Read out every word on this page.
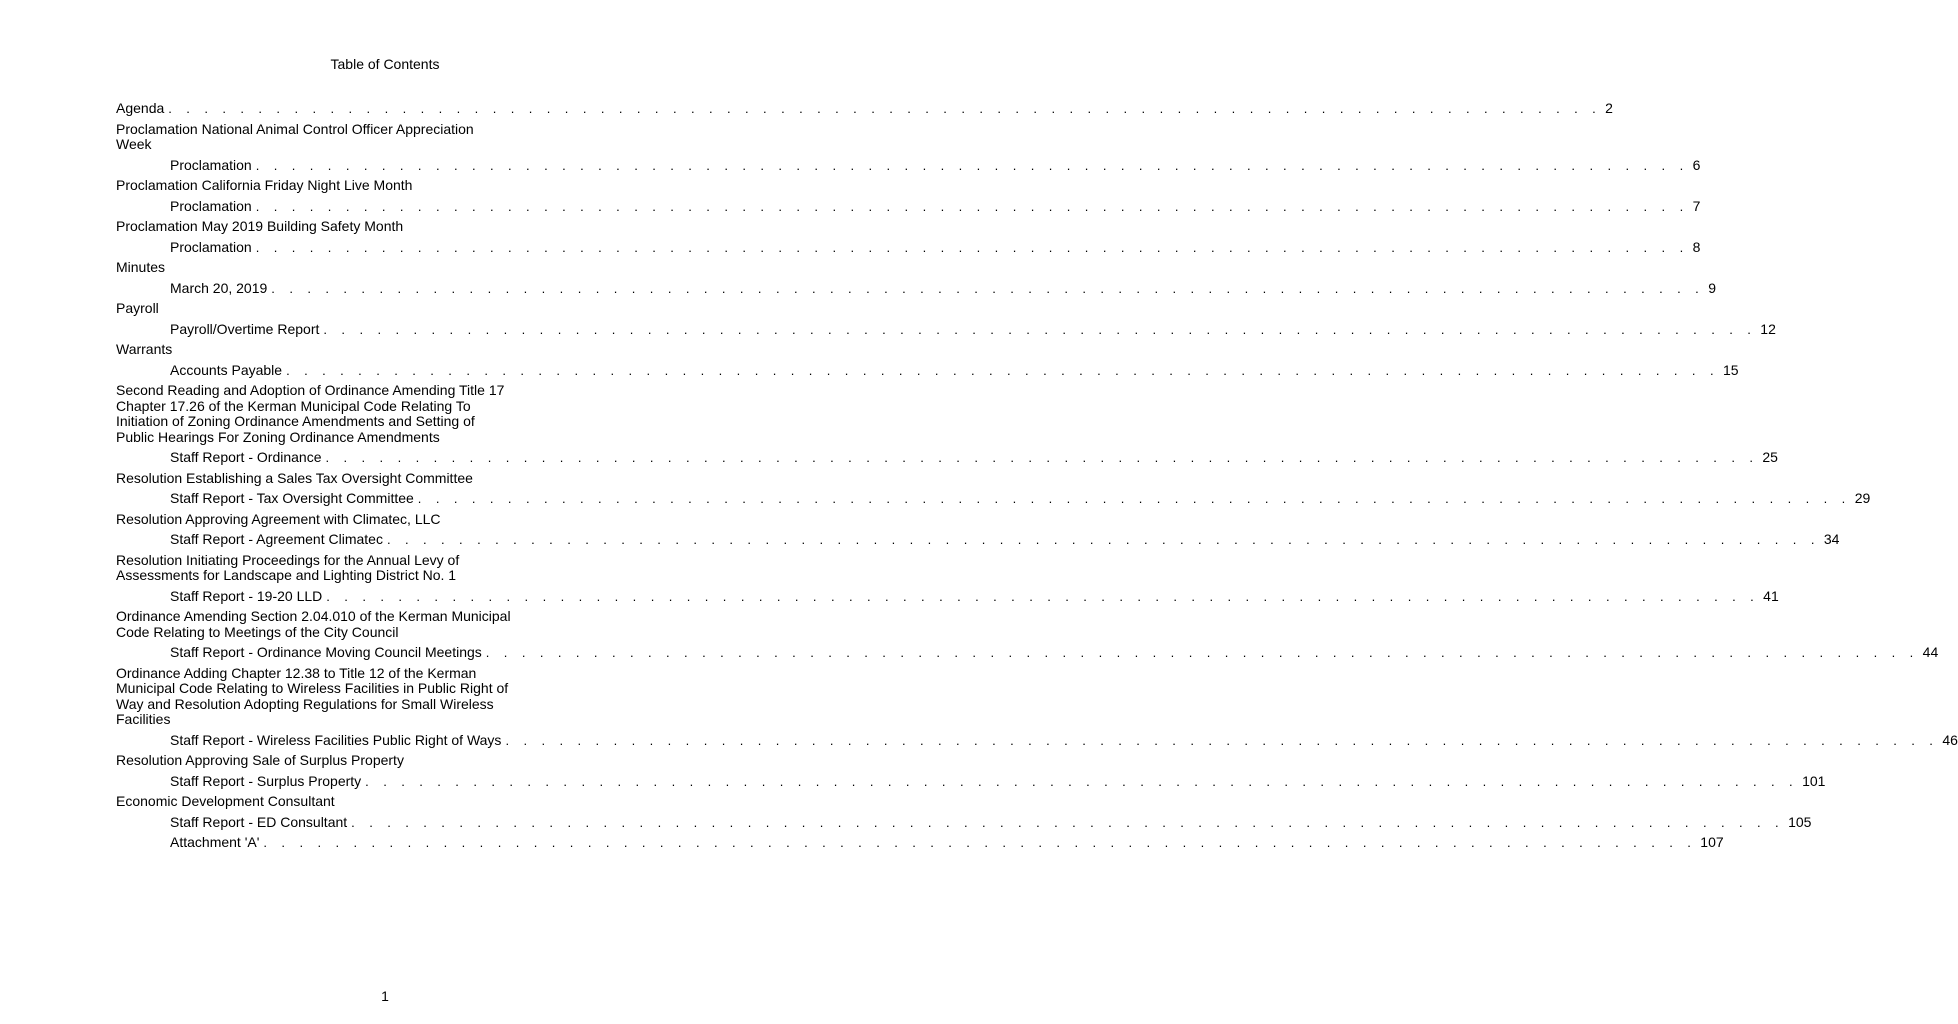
Table of Contents
Agenda . . . . . . . . . . . . . . . . . . . . . . . . . . . . . . . . . . . . . . . . . . . . . . . . . . . . . . . . . . . . . . . . . . . . . . . . . . . . . . . . 2
Proclamation National Animal Control Officer Appreciation
Week
Proclamation . . . . . . . . . . . . . . . . . . . . . . . . . . . . . . . . . . . . . . . . . . . . . . . . . . . . . . . . . . . . . . . . . . . . . . . . . . . . . . . . 6
Proclamation California Friday Night Live Month
Proclamation . . . . . . . . . . . . . . . . . . . . . . . . . . . . . . . . . . . . . . . . . . . . . . . . . . . . . . . . . . . . . . . . . . . . . . . . . . . . . . . . 7
Proclamation May 2019 Building Safety Month
Proclamation . . . . . . . . . . . . . . . . . . . . . . . . . . . . . . . . . . . . . . . . . . . . . . . . . . . . . . . . . . . . . . . . . . . . . . . . . . . . . . . . 8
Minutes
March 20, 2019 . . . . . . . . . . . . . . . . . . . . . . . . . . . . . . . . . . . . . . . . . . . . . . . . . . . . . . . . . . . . . . . . . . . . . . . . . . . . . . . . 9
Payroll
Payroll/Overtime Report . . . . . . . . . . . . . . . . . . . . . . . . . . . . . . . . . . . . . . . . . . . . . . . . . . . . . . . . . . . . . . . . . . . . . . . . . . . . . . . . 12
Warrants
Accounts Payable . . . . . . . . . . . . . . . . . . . . . . . . . . . . . . . . . . . . . . . . . . . . . . . . . . . . . . . . . . . . . . . . . . . . . . . . . . . . . . . . 15
Second Reading and Adoption of Ordinance Amending Title 17
Chapter 17.26 of the Kerman Municipal Code Relating To
Initiation of Zoning Ordinance Amendments and Setting of
Public Hearings For Zoning Ordinance Amendments
Staff Report - Ordinance . . . . . . . . . . . . . . . . . . . . . . . . . . . . . . . . . . . . . . . . . . . . . . . . . . . . . . . . . . . . . . . . . . . . . . . . . . . . . . . . 25
Resolution Establishing a Sales Tax Oversight Committee
Staff Report - Tax Oversight Committee . . . . . . . . . . . . . . . . . . . . . . . . . . . . . . . . . . . . . . . . . . . . . . . . . . . . . . . . . . . . . . . . . . . . . . . . . . . . . . . . 29
Resolution Approving Agreement with Climatec, LLC
Staff Report - Agreement Climatec . . . . . . . . . . . . . . . . . . . . . . . . . . . . . . . . . . . . . . . . . . . . . . . . . . . . . . . . . . . . . . . . . . . . . . . . . . . . . . . . 34
Resolution Initiating Proceedings for the Annual Levy of
Assessments for Landscape and Lighting District No. 1
Staff Report - 19-20 LLD . . . . . . . . . . . . . . . . . . . . . . . . . . . . . . . . . . . . . . . . . . . . . . . . . . . . . . . . . . . . . . . . . . . . . . . . . . . . . . . . 41
Ordinance Amending Section 2.04.010 of the Kerman Municipal
Code Relating to Meetings of the City Council
Staff Report - Ordinance Moving Council Meetings . . . . . . . . . . . . . . . . . . . . . . . . . . . . . . . . . . . . . . . . . . . . . . . . . . . . . . . . . . . . . . . . . . . . . . . . . . . . . . . . 44
Ordinance Adding Chapter 12.38 to Title 12 of the Kerman
Municipal Code Relating to Wireless Facilities in Public Right of
Way and Resolution Adopting Regulations for Small Wireless
Facilities
Staff Report - Wireless Facilities Public Right of Ways . . . . . . . . . . . . . . . . . . . . . . . . . . . . . . . . . . . . . . . . . . . . . . . . . . . . . . . . . . . . . . . . . . . . . . . . . . . . . . . . 46
Resolution Approving Sale of Surplus Property
Staff Report - Surplus Property . . . . . . . . . . . . . . . . . . . . . . . . . . . . . . . . . . . . . . . . . . . . . . . . . . . . . . . . . . . . . . . . . . . . . . . . . . . . . . . . 101
Economic Development Consultant
Staff Report - ED Consultant . . . . . . . . . . . . . . . . . . . . . . . . . . . . . . . . . . . . . . . . . . . . . . . . . . . . . . . . . . . . . . . . . . . . . . . . . . . . . . . . 105
Attachment 'A' . . . . . . . . . . . . . . . . . . . . . . . . . . . . . . . . . . . . . . . . . . . . . . . . . . . . . . . . . . . . . . . . . . . . . . . . . . . . . . . . 107
1
